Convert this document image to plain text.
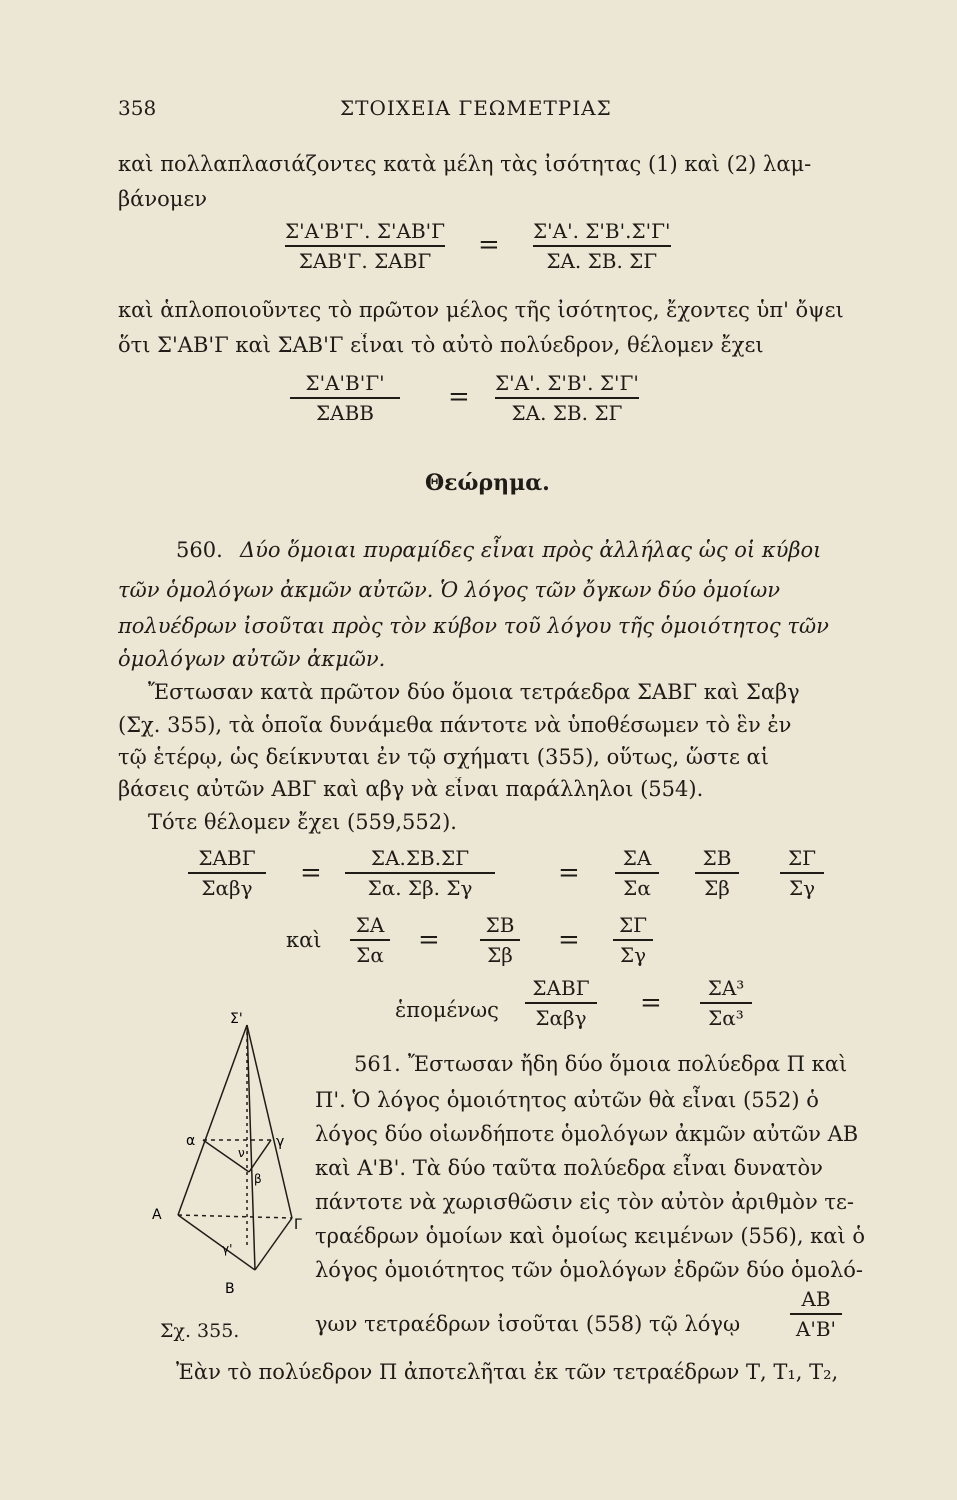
358	ΣΤΟΙΧΕΙΑ ΓΕΩΜΕΤΡΙΑΣ
καὶ πολλαπλασιάζοντες κατὰ μέλη τὰς ἰσότητας (1) καὶ (2) λαμ-
βάνομεν
Σ'Α'Β'Γ'. Σ'ΑΒ'Γ
ΣΑΒ'Γ. ΣΑΒΓ
= Σ'Α'. Σ'Β'.Σ'Γ'
ΣΑ. ΣΒ. ΣΓ
καὶ ἁπλοποιοῦντες τὸ πρῶτον μέλος τῆς ἰσότητος, ἔχοντες ὑπ' ὄψει
ὅτι Σ'ΑΒ'Γ καὶ ΣΑΒ'Γ εἶναι τὸ αὐτὸ πολύεδρον, θέλομεν ἔχει
Σ'Α'Β'Γ'
ΣΑΒΒ
= Σ'Α'. Σ'Β'. Σ'Γ'
ΣΑ. ΣΒ. ΣΓ
Θεώρημα.
560. Δύο ὅμοιαι πυραμίδες εἶναι πρὸς ἀλλήλας ὡς οἱ κύβοι
τῶν ὁμολόγων ἀκμῶν αὐτῶν. Ὁ λόγος τῶν ὄγκων δύο ὁμοίων
πολυέδρων ἰσοῦται πρὸς τὸν κύβον τοῦ λόγου τῆς ὁμοιότητος τῶν
ὁμολόγων αὐτῶν ἀκμῶν.
Ἔστωσαν κατὰ πρῶτον δύο ὅμοια τετράεδρα ΣΑΒΓ καὶ Σαβγ
(Σχ. 355), τὰ ὁποῖα δυνάμεθα πάντοτε νὰ ὑποθέσωμεν τὸ ἓν ἐν
τῷ ἑτέρῳ, ὡς δείκνυται ἐν τῷ σχήματι (355), οὕτως, ὥστε αἱ
βάσεις αὐτῶν ΑΒΓ καὶ αβγ νὰ εἶναι παράλληλοι (554).
Τότε θέλομεν ἔχει (559,552).
ΣΑΒΓ
Σαβγ = ΣΑ.ΣΒ.ΣΓ
Σα. Σβ. Σγ	= ΣΑ
Σα
ΣΒ
Σβ
ΣΓ
Σγ
καὶ
ΣΑ
Σα = ΣΒ
Σβ = ΣΓ
Σγ
ἑπομένως
ΣΑΒΓ
Σαβγ = ΣΑ³
Σα³
Σ'
α
Α
Β
γ
Γ
β
ν
γ'
561. Ἔστωσαν ἤδη δύο ὅμοια πολύεδρα Π καὶ
Π'. Ὁ λόγος ὁμοιότητος αὐτῶν θὰ εἶναι (552) ὁ
λόγος δύο οἱωνδήποτε ὁμολόγων ἀκμῶν αὐτῶν ΑΒ
καὶ Α'Β'. Τὰ δύο ταῦτα πολύεδρα εἶναι δυνατὸν
πάντοτε νὰ χωρισθῶσιν εἰς τὸν αὐτὸν ἀριθμὸν τε-
τραέδρων ὁμοίων καὶ ὁμοίως κειμένων (556), καὶ ὁ
λόγος ὁμοιότητος τῶν ὁμολόγων ἑδρῶν δύο ὁμολό-
Σχ. 355.	γων τετραέδρων ἰσοῦται (558) τῷ λόγῳ
ΑΒ
Α'Β'
Ἐὰν τὸ πολύεδρον Π ἀποτελῆται ἐκ τῶν τετραέδρων Τ, Τ₁, Τ₂,
